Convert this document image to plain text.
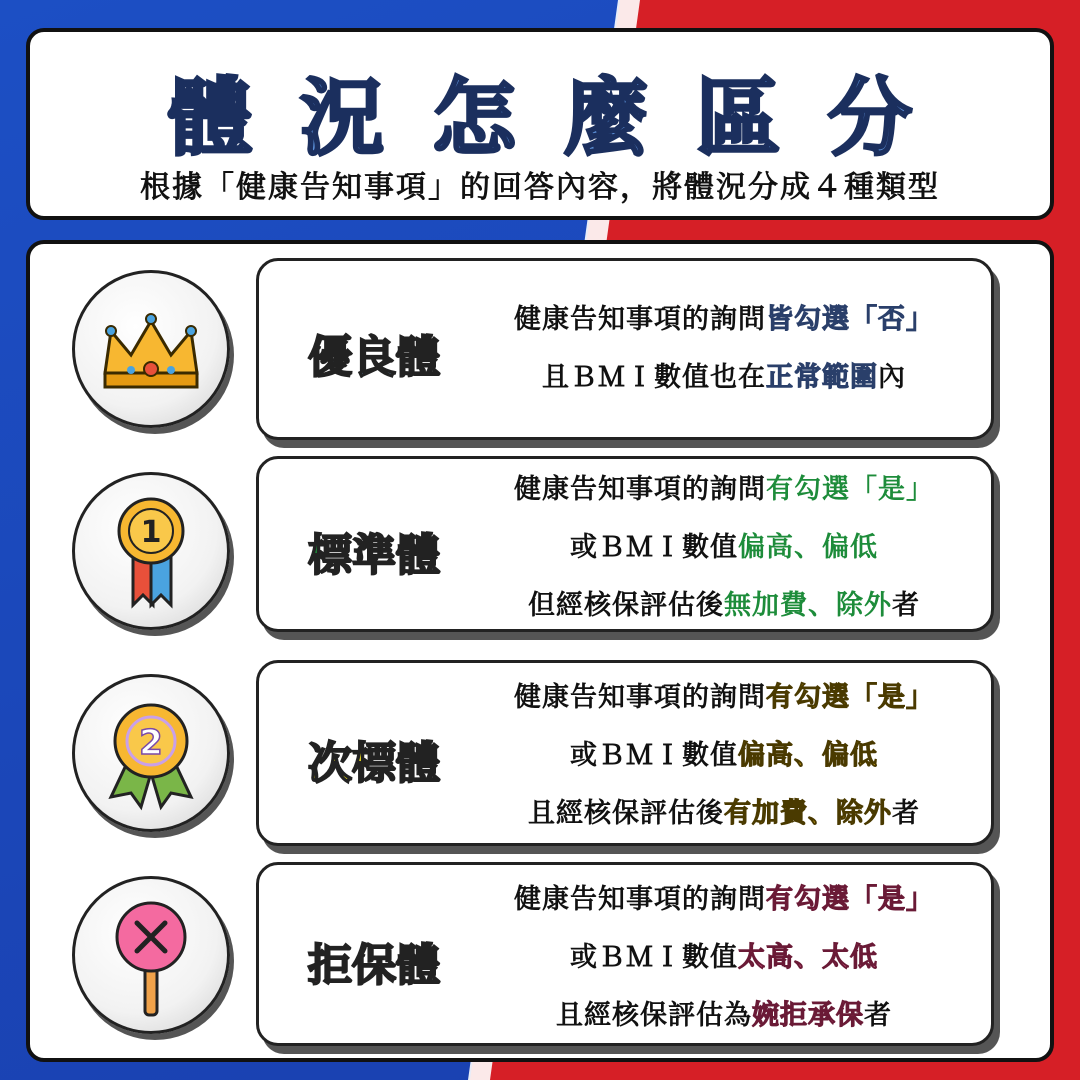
體況怎麼區分
根據「健康告知事項」的回答內容，將體況分成４種類型
優良體
健康告知事項的詢問皆勾選「否」
且ＢＭＩ數值也在正常範圍內
1	標準體
健康告知事項的詢問有勾選「是」
或ＢＭＩ數值偏高、偏低
但經核保評估後無加費、除外者
2	次標體
健康告知事項的詢問有勾選「是」
或ＢＭＩ數值偏高、偏低
且經核保評估後有加費、除外者
拒保體
健康告知事項的詢問有勾選「是」
或ＢＭＩ數值太高、太低
且經核保評估為婉拒承保者
